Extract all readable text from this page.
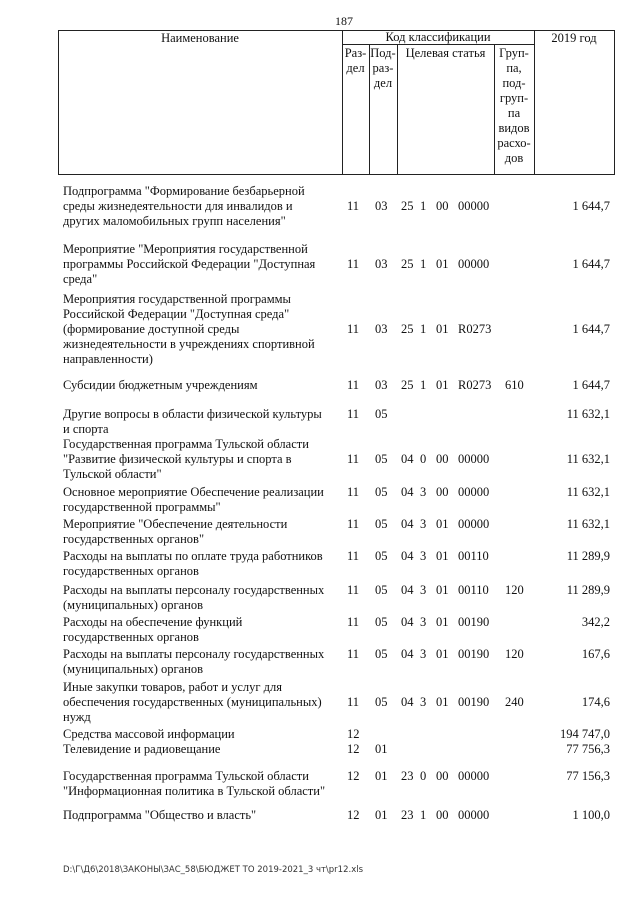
187
Наименование	Код классификации	2019 год
Раз-
дел
Под-
раз-
дел
Целевая статья	Груп-
па,
под-
груп-
па
видов
расхо-
дов
Подпрограмма "Формирование безбарьерной
среды жизнедеятельности для инвалидов и
других маломобильных групп населения"
11 03 25 1 00 00000	1 644,7
Мероприятие "Мероприятия государственной
программы Российской Федерации "Доступная
среда"
11 03 25 1 01 00000	1 644,7
Мероприятия государственной программы
Российской Федерации "Доступная среда"
(формирование доступной среды
жизнедеятельности в учреждениях спортивной
направленности)
11 03 25 1 01 R0273	1 644,7
Субсидии бюджетным учреждениям	11 03 25 1 01 R0273 610	1 644,7
Другие вопросы в области физической культуры
и спорта
11 05	11 632,1
Государственная программа Тульской области
"Развитие физической культуры и спорта в
Тульской области"
11 05 04 0 00 00000	11 632,1
Основное мероприятие Обеспечение реализации
государственной программы"
11 05 04 3 00 00000	11 632,1
Мероприятие "Обеспечение деятельности
государственных органов"
11 05 04 3 01 00000	11 632,1
Расходы на выплаты по оплате труда работников
государственных органов
11 05 04 3 01 00110	11 289,9
Расходы на выплаты персоналу государственных
(муниципальных) органов
11 05 04 3 01 00110 120	11 289,9
Расходы на обеспечение функций
государственных органов
11 05 04 3 01 00190	342,2
Расходы на выплаты персоналу государственных
(муниципальных) органов
11 05 04 3 01 00190 120	167,6
Иные закупки товаров, работ и услуг для
обеспечения государственных (муниципальных)
нужд
11 05 04 3 01 00190 240	174,6
Средства массовой информации	12	194 747,0
Телевидение и радиовещание	12 01	77 756,3
Государственная программа Тульской области
"Информационная политика в Тульской области"
12 01 23 0 00 00000	77 156,3
Подпрограмма "Общество и власть"	12 01 23 1 00 00000	1 100,0
D:\Г\Д6\2018\ЗАКОНЫ\ЗАС_58\БЮДЖЕТ ТО 2019-2021_3 чт\pr12.xls
